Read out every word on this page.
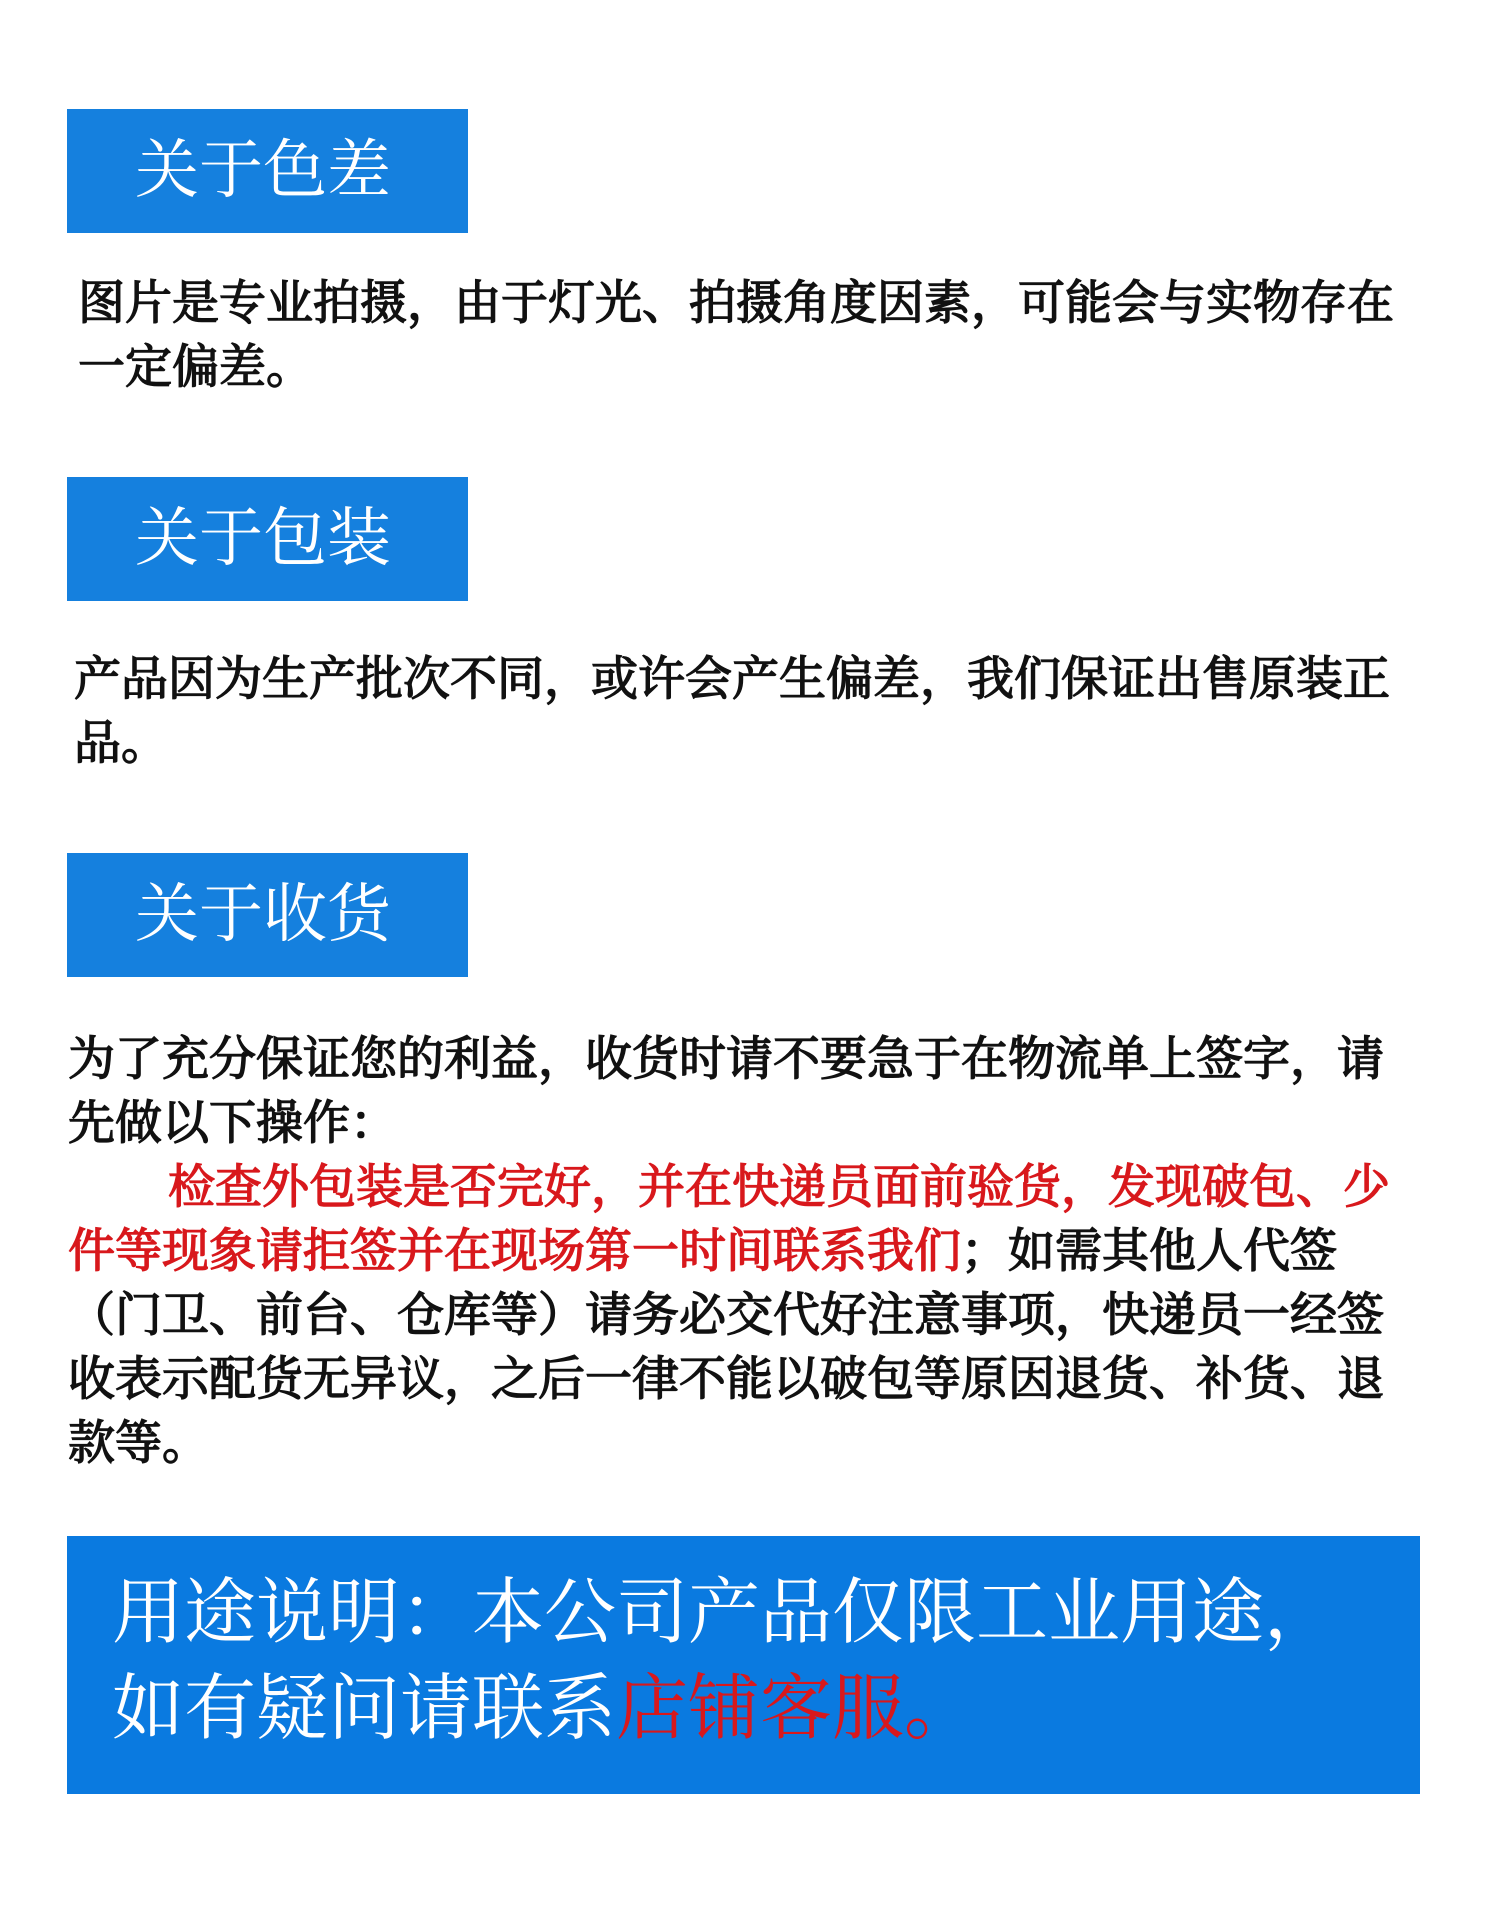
关于色差

图片是专业拍摄，由于灯光、拍摄角度因素，可能会与实物存在一定偏差。

关于包装

产品因为生产批次不同，或许会产生偏差，我们保证出售原装正品。

关于收货
为了充分保证您的利益，收货时请不要急于在物流单上签字，请先做以下操作：
检查外包装是否完好，并在快递员面前验货，发现破包、少件等现象请拒签并在现场第一时间联系我们；如需其他人代签（门卫、前台、仓库等）请务必交代好注意事项，快递员一经签收表示配货无异议，之后一律不能以破包等原因退货、补货、退款等。
用途说明：本公司产品仅限工业用途，
如有疑问请联系店铺客服。
